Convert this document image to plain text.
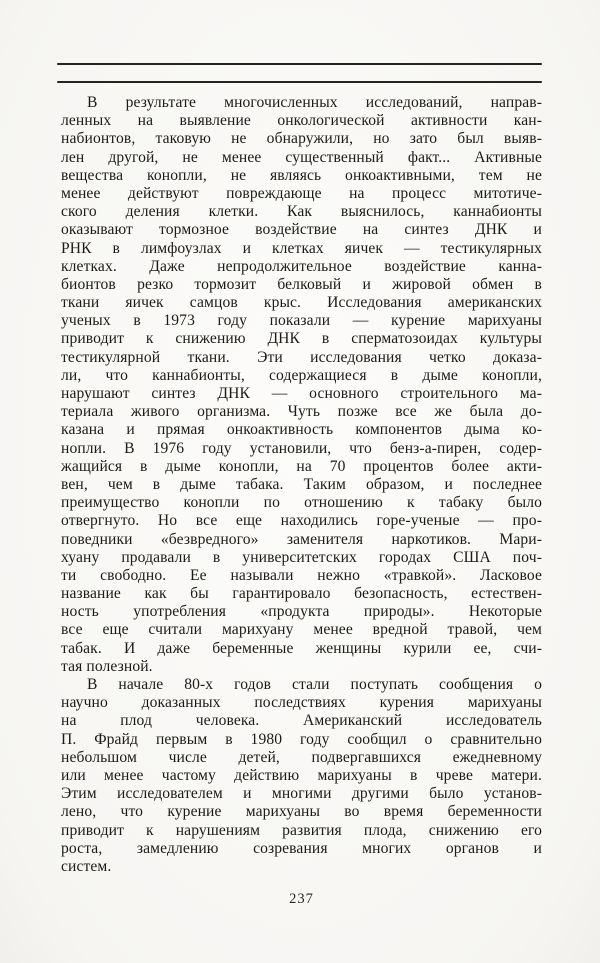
В результате многочисленных исследований, направ-
ленных на выявление онкологической активности кан-
набионтов, таковую не обнаружили, но зато был выяв-
лен другой, не менее существенный факт... Активные
вещества конопли, не являясь онкоактивными, тем не
менее действуют повреждающе на процесс митотиче-
ского деления клетки. Как выяснилось, каннабионты
оказывают тормозное воздействие на синтез ДНК и
РНК в лимфоузлах и клетках яичек — тестикулярных
клетках. Даже непродолжительное воздействие канна-
бионтов резко тормозит белковый и жировой обмен в
ткани яичек самцов крыс. Исследования американских
ученых в 1973 году показали — курение марихуаны
приводит к снижению ДНК в сперматозоидах культуры
тестикулярной ткани. Эти исследования четко доказа-
ли, что каннабионты, содержащиеся в дыме конопли,
нарушают синтез ДНК — основного строительного ма-
териала живого организма. Чуть позже все же была до-
казана и прямая онкоактивность компонентов дыма ко-
нопли. В 1976 году установили, что бенз-а-пирен, содер-
жащийся в дыме конопли, на 70 процентов более акти-
вен, чем в дыме табака. Таким образом, и последнее
преимущество конопли по отношению к табаку было
отвергнуто. Но все еще находились горе-ученые — про-
поведники «безвредного» заменителя наркотиков. Мари-
хуану продавали в университетских городах США поч-
ти свободно. Ее называли нежно «травкой». Ласковое
название как бы гарантировало безопасность, естествен-
ность употребления «продукта природы». Некоторые
все еще считали марихуану менее вредной травой, чем
табак. И даже беременные женщины курили ее, счи-
тая полезной.
В начале 80-х годов стали поступать сообщения о
научно доказанных последствиях курения марихуаны
на плод человека. Американский исследователь
П. Фрайд первым в 1980 году сообщил о сравнительно
небольшом числе детей, подвергавшихся ежедневному
или менее частому действию марихуаны в чреве матери.
Этим исследователем и многими другими было установ-
лено, что курение марихуаны во время беременности
приводит к нарушениям развития плода, снижению его
роста, замедлению созревания многих органов и
систем.
237
